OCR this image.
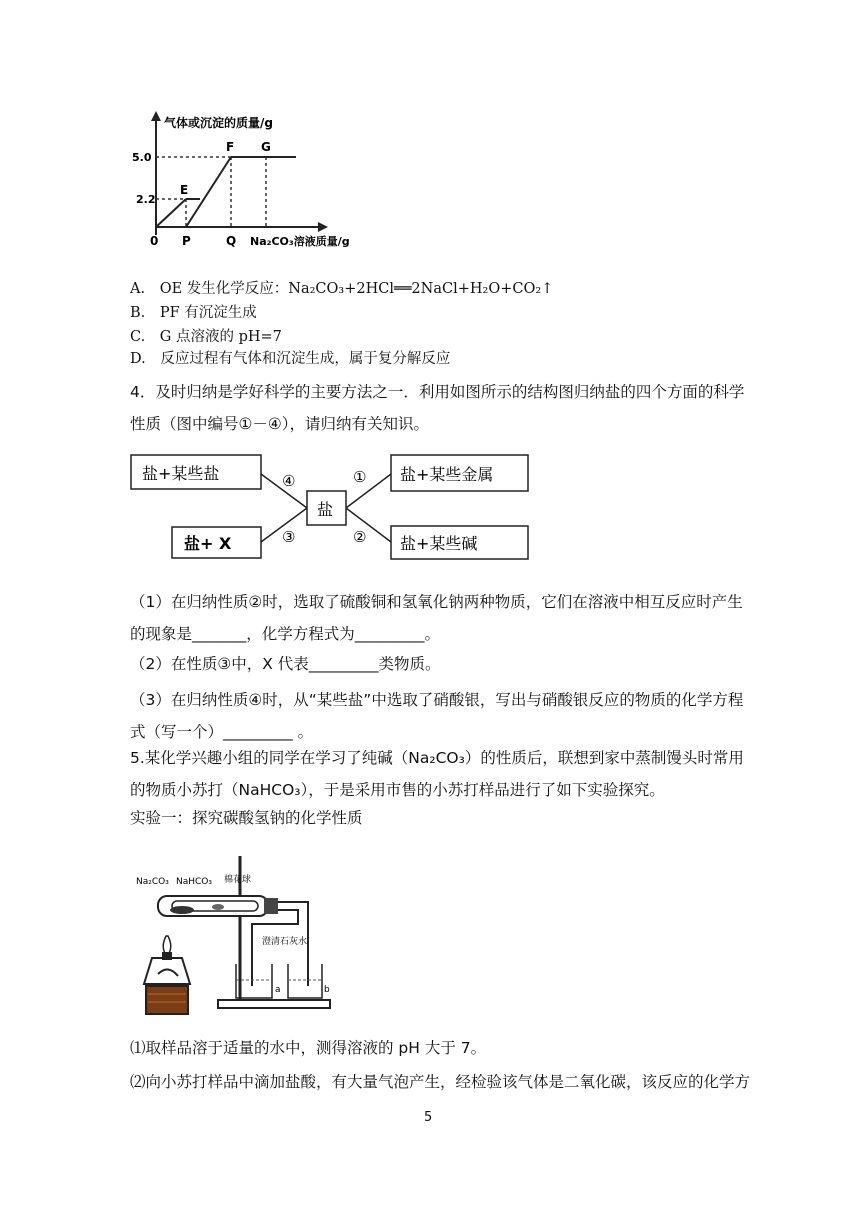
气体或沉淀的质量/g
5.0
2.2
0 P	Q Na₂CO₃溶液质量/g
E
F G
A. OE 发生化学反应：Na₂CO₃+2HCl══2NaCl+H₂O+CO₂↑
B. PF 有沉淀生成
C. G 点溶液的 pH=7
D. 反应过程有气体和沉淀生成，属于复分解反应
4．及时归纳是学好科学的主要方法之一．利用如图所示的结构图归纳盐的四个方面的科学性质（图中编号①－④），请归纳有关知识。
盐+某些盐
盐+ X
盐
盐+某些金属
盐+某些碱
④
③
①
②
（1）在归纳性质②时，选取了硫酸铜和氢氧化钠两种物质，它们在溶液中相互反应时产生的现象是_______，化学方程式为_________。
（2）在性质③中，X 代表_________类物质。
（3）在归纳性质④时，从“某些盐”中选取了硝酸银，写出与硝酸银反应的物质的化学方程式（写一个）_________ 。
5.某化学兴趣小组的同学在学习了纯碱（Na₂CO₃）的性质后，联想到家中蒸制馒头时常用的物质小苏打（NaHCO₃），于是采用市售的小苏打样品进行了如下实验探究。
实验一：探究碳酸氢钠的化学性质
Na₂CO₃ NaHCO₃ 棉花球
澄清石灰水
a	b
⑴取样品溶于适量的水中，测得溶液的 pH 大于 7。
⑵向小苏打样品中滴加盐酸，有大量气泡产生，经检验该气体是二氧化碳，该反应的化学方
5
